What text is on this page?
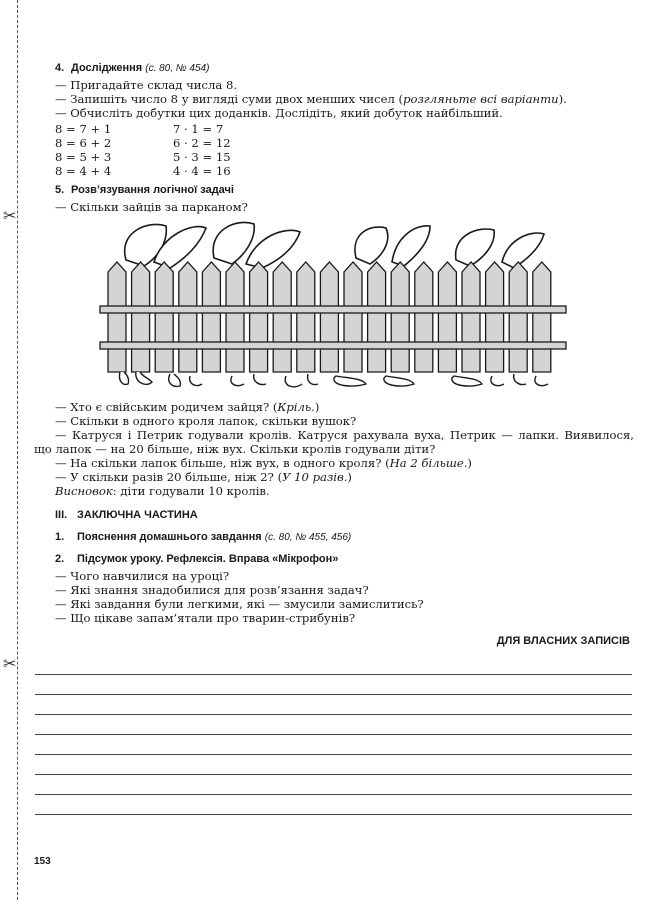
✂
✂
4. Дослідження (с. 80, № 454)
— Пригадайте склад числа 8.
— Запишіть число 8 у вигляді суми двох менших чисел (розгляньте всі варіанти).
— Обчисліть добутки цих доданків. Дослідіть, який добуток найбільший.
8 = 7 + 1
8 = 6 + 2
8 = 5 + 3
8 = 4 + 4
7 · 1 = 7
6 · 2 = 12
5 · 3 = 15
4 · 4 = 16
5. Розв’язування логічної задачі
— Скільки зайців за парканом?
— Хто є свійським родичем зайця? (Кріль.)
— Скільки в одного кроля лапок, скільки вушок?
— Катруся і Петрик годували кролів. Катруся рахувала вуха, Петрик — лапки. Виявилося, що лапок — на 20 більше, ніж вух. Скільки кролів годували діти?
— На скільки лапок більше, ніж вух, в одного кроля? (На 2 більше.)
— У скільки разів 20 більше, ніж 2? (У 10 разів.)
Висновок: діти годували 10 кролів.
III. ЗАКЛЮЧНА ЧАСТИНА
1. Пояснення домашнього завдання (с. 80, № 455, 456)
2. Підсумок уроку. Рефлексія. Вправа «Мікрофон»
— Чого навчилися на уроці?
— Які знання знадобилися для розв’язання задач?
— Які завдання були легкими, які — змусили замислитись?
— Що цікаве запам’ятали про тварин-стрибунів?
ДЛЯ ВЛАСНИХ ЗАПИСІВ
153
